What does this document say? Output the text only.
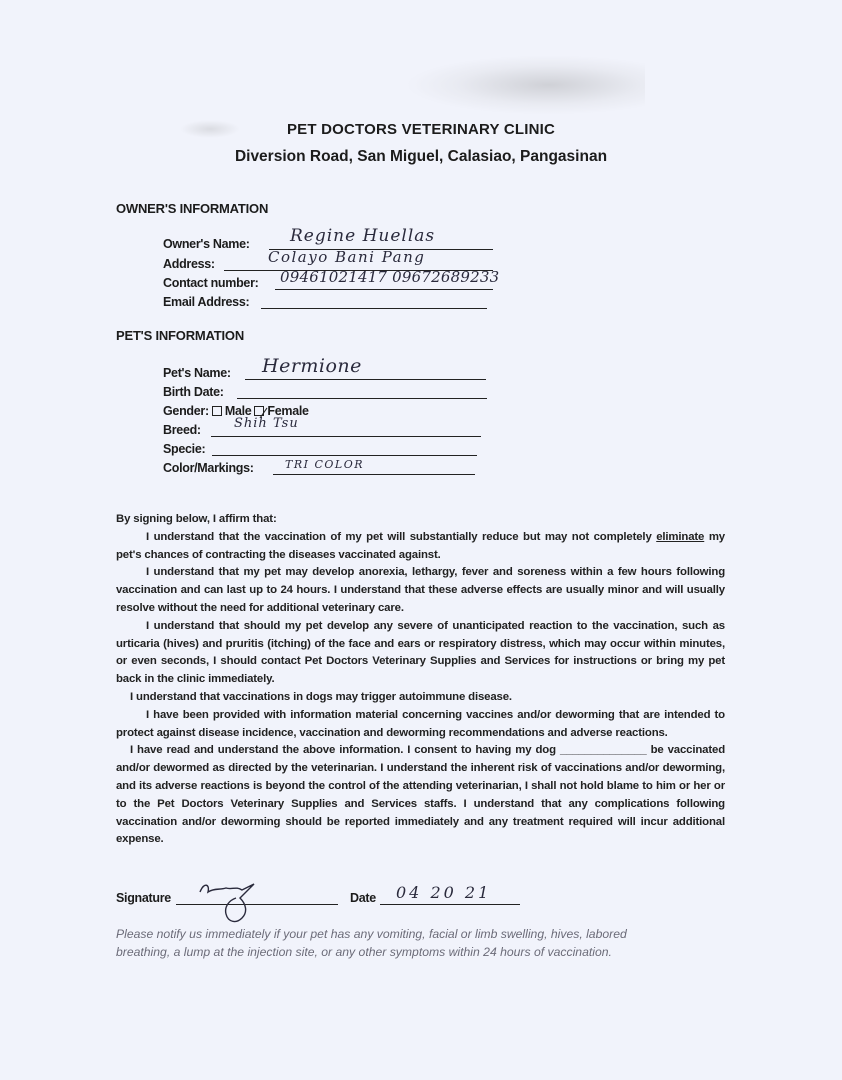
PET DOCTORS VETERINARY CLINIC
Diversion Road, San Miguel, Calasiao, Pangasinan
OWNER'S INFORMATION
Owner's Name: Regine Huellas
Address:	Colayo Bani Pang
Contact number: 09461021417 09672689233
Email Address:
PET'S INFORMATION
Pet's Name: Hermione
Birth Date:
Gender: Male Female
Breed:	Shih Tsu
Specie:
Color/Markings:	TRI COLOR

By signing below, I affirm that:

I understand that the vaccination of my pet will substantially reduce but may not completely eliminate my pet's chances of contracting the diseases vaccinated against.

I understand that my pet may develop anorexia, lethargy, fever and soreness within a few hours following vaccination and can last up to 24 hours. I understand that these adverse effects are usually minor and will usually resolve without the need for additional veterinary care.

I understand that should my pet develop any severe of unanticipated reaction to the vaccination, such as urticaria (hives) and pruritis (itching) of the face and ears or respiratory distress, which may occur within minutes, or even seconds, I should contact Pet Doctors Veterinary Supplies and Services for instructions or bring my pet back in the clinic immediately.

I understand that vaccinations in dogs may trigger autoimmune disease.

I have been provided with information material concerning vaccines and/or deworming that are intended to protect against disease incidence, vaccination and deworming recommendations and adverse reactions.

I have read and understand the above information. I consent to having my dog ______________ be vaccinated and/or dewormed as directed by the veterinarian. I understand the inherent risk of vaccinations and/or deworming, and its adverse reactions is beyond the control of the attending veterinarian, I shall not hold blame to him or her or to the Pet Doctors Veterinary Supplies and Services staffs. I understand that any complications following vaccination and/or deworming should be reported immediately and any treatment required will incur additional expense.

Signature	Date 04 20 21
Please notify us immediately if your pet has any vomiting, facial or limb swelling, hives, labored breathing, a lump at the injection site, or any other symptoms within 24 hours of vaccination.
